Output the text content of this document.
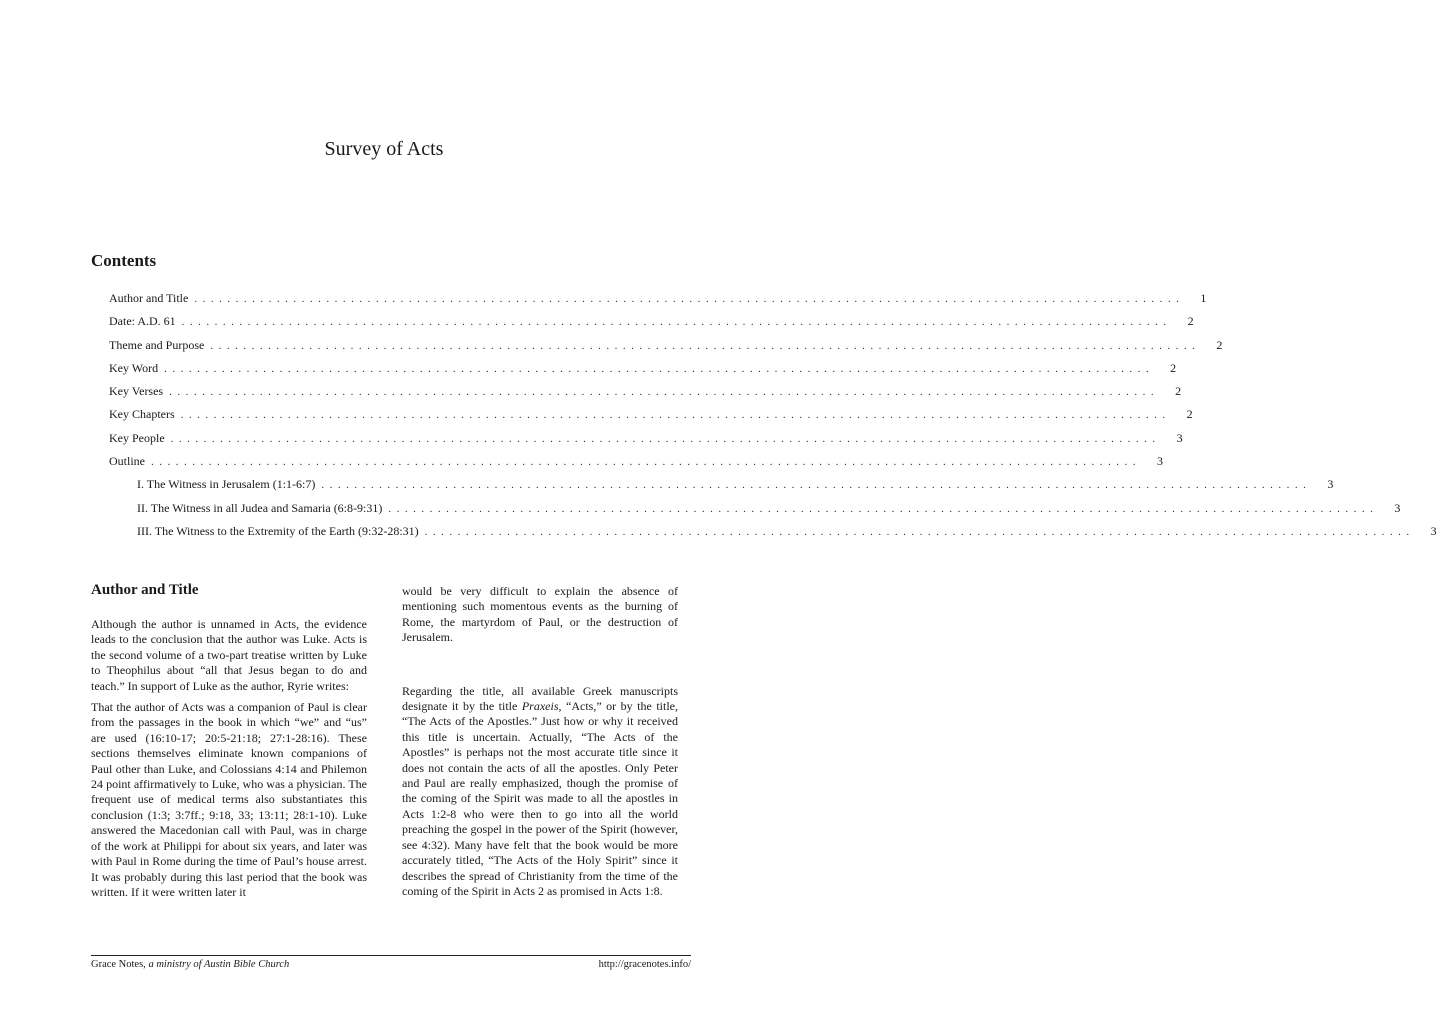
Survey of Acts
Contents
Author and Title ........................................................................................................................	1
Date: A.D. 61 ........................................................................................................................	2
Theme and Purpose ........................................................................................................................	2
Key Word ........................................................................................................................	2
Key Verses ........................................................................................................................	2
Key Chapters ........................................................................................................................	2
Key People ........................................................................................................................	3
Outline ........................................................................................................................	3
I. The Witness in Jerusalem (1:1-6:7) ........................................................................................................................	3
II. The Witness in all Judea and Samaria (6:8-9:31) ........................................................................................................................	3
III. The Witness to the Extremity of the Earth (9:32-28:31) ........................................................................................................................	3
Author and Title

Although the author is unnamed in Acts, the evidence leads to the conclusion that the author was Luke. Acts is the second volume of a two-part treatise written by Luke to Theophilus about “all that Jesus began to do and teach.” In support of Luke as the author, Ryrie writes:

That the author of Acts was a companion of Paul is clear from the passages in the book in which “we” and “us” are used (16:10-17; 20:5-21:18; 27:1-28:16). These sections themselves eliminate known companions of Paul other than Luke, and Colossians 4:14 and Philemon 24 point affirmatively to Luke, who was a physician. The frequent use of medical terms also substantiates this conclusion (1:3; 3:7ff.; 9:18, 33; 13:11; 28:1-10). Luke answered the Macedonian call with Paul, was in charge of the work at Philippi for about six years, and later was with Paul in Rome during the time of Paul’s house arrest. It was probably during this last period that the book was written. If it were written later it

would be very difficult to explain the absence of mentioning such momentous events as the burning of Rome, the martyrdom of Paul, or the destruction of Jerusalem.

Regarding the title, all available Greek manuscripts designate it by the title Praxeis, “Acts,” or by the title, “The Acts of the Apostles.” Just how or why it received this title is uncertain. Actually, “The Acts of the Apostles” is perhaps not the most accurate title since it does not contain the acts of all the apostles. Only Peter and Paul are really emphasized, though the promise of the coming of the Spirit was made to all the apostles in Acts 1:2-8 who were then to go into all the world preaching the gospel in the power of the Spirit (however, see 4:32). Many have felt that the book would be more accurately titled, “The Acts of the Holy Spirit” since it describes the spread of Christianity from the time of the coming of the Spirit in Acts 2 as promised in Acts 1:8.

Grace Notes, a ministry of Austin Bible Church	http://gracenotes.info/
